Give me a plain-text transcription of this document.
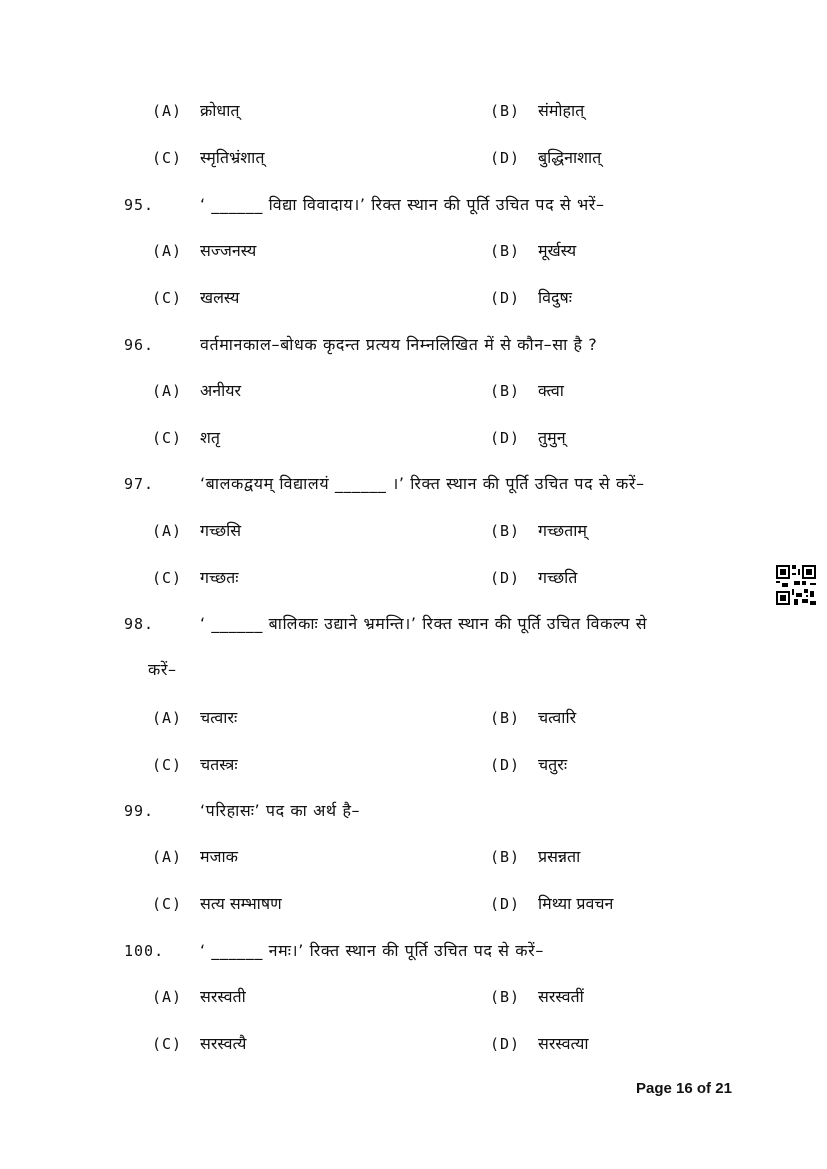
(A) क्रोधात्	(B) संमोहात्
(C) स्मृतिभ्रंशात्	(D) बुद्धिनाशात्
95.	‘ ______ विद्या विवादाय।’ रिक्त स्थान की पूर्ति उचित पद से भरें–
(A) सज्जनस्य	(B) मूर्खस्य
(C) खलस्य	(D) विदुषः
96.	वर्तमानकाल–बोधक कृदन्त प्रत्यय निम्नलिखित में से कौन–सा है ?
(A) अनीयर	(B) क्त्वा
(C) शतृ	(D) तुमुन्
97.	‘बालकद्वयम् विद्यालयं ______ ।’ रिक्त स्थान की पूर्ति उचित पद से करें–
(A) गच्छसि	(B) गच्छताम्
(C) गच्छतः	(D) गच्छति
98.	‘ ______ बालिकाः उद्याने भ्रमन्ति।’ रिक्त स्थान की पूर्ति उचित विकल्प से
करें–
(A) चत्वारः	(B) चत्वारि
(C) चतस्त्रः	(D) चतुरः
99.	‘परिहासः’ पद का अर्थ है–
(A) मजाक	(B) प्रसन्नता
(C) सत्य सम्भाषण	(D) मिथ्या प्रवचन
100. ‘ ______ नमः।’ रिक्त स्थान की पूर्ति उचित पद से करें–
(A) सरस्वती	(B) सरस्वतीं
(C) सरस्वत्यै	(D) सरस्वत्या
Page 16 of 21
